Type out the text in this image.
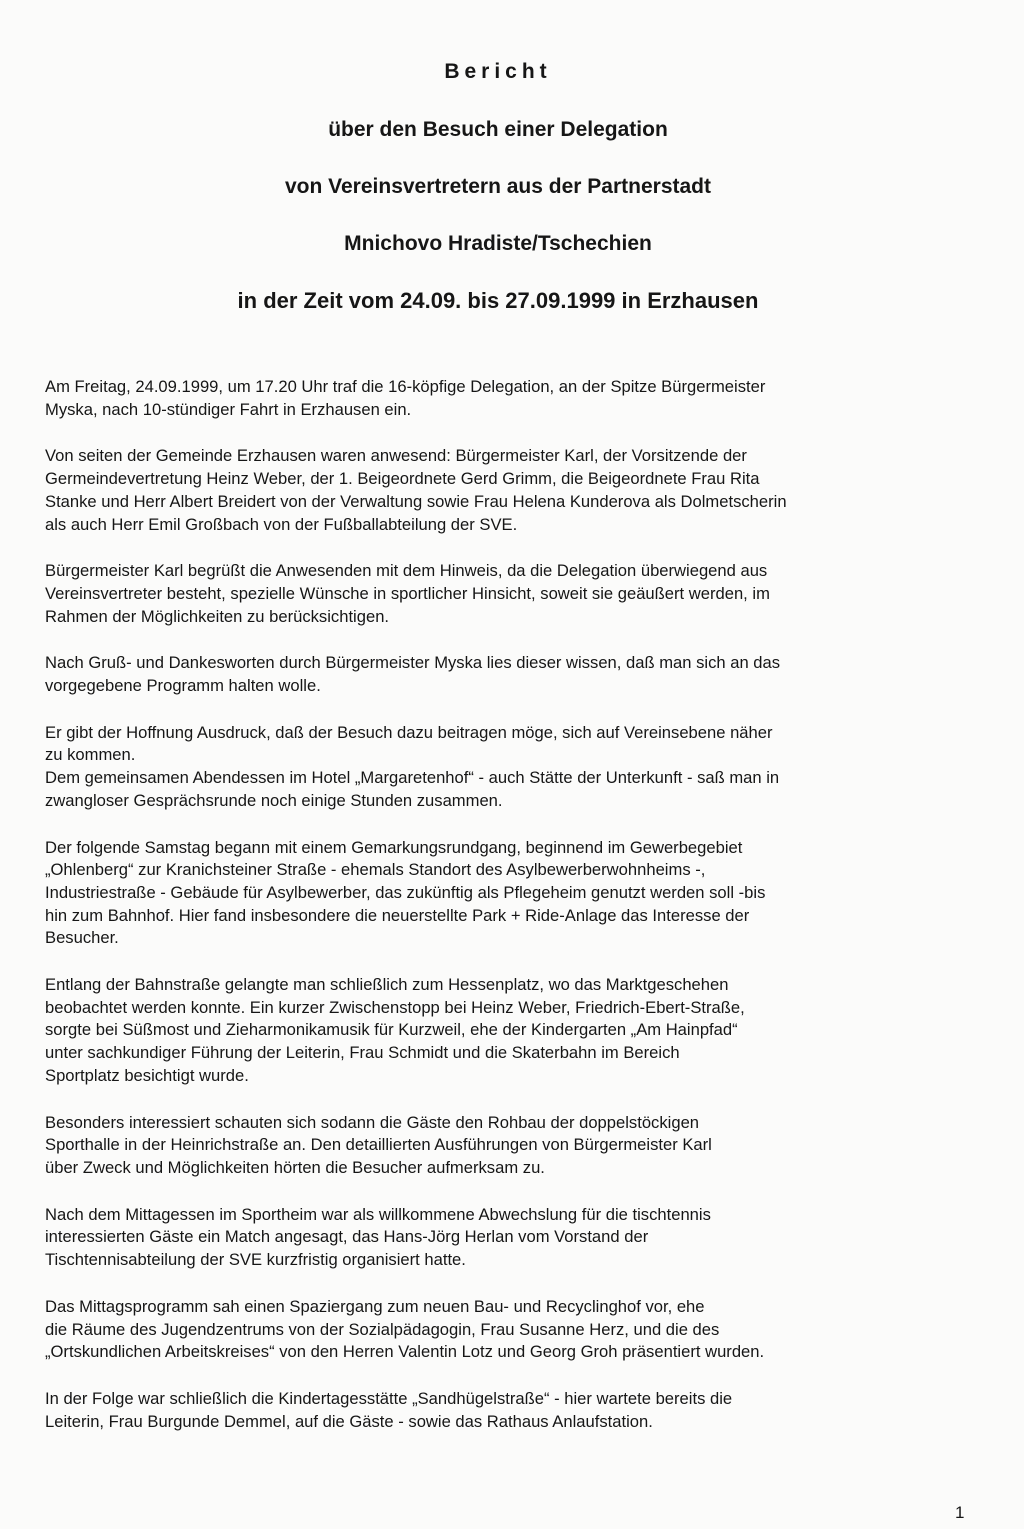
Bericht
über den Besuch einer Delegation
von Vereinsvertretern aus der Partnerstadt
Mnichovo Hradiste/Tschechien
in der Zeit vom 24.09. bis 27.09.1999 in Erzhausen

Am Freitag, 24.09.1999, um 17.20 Uhr traf die 16-köpfige Delegation, an der Spitze Bürgermeister
Myska, nach 10-stündiger Fahrt in Erzhausen ein.

Von seiten der Gemeinde Erzhausen waren anwesend: Bürgermeister Karl, der Vorsitzende der
Germeindevertretung Heinz Weber, der 1. Beigeordnete Gerd Grimm, die Beigeordnete Frau Rita
Stanke und Herr Albert Breidert von der Verwaltung sowie Frau Helena Kunderova als Dolmetscherin
als auch Herr Emil Großbach von der Fußballabteilung der SVE.

Bürgermeister Karl begrüßt die Anwesenden mit dem Hinweis, da die Delegation überwiegend aus
Vereinsvertreter besteht, spezielle Wünsche in sportlicher Hinsicht, soweit sie geäußert werden, im
Rahmen der Möglichkeiten zu berücksichtigen.

Nach Gruß- und Dankesworten durch Bürgermeister Myska lies dieser wissen, daß man sich an das
vorgegebene Programm halten wolle.

Er gibt der Hoffnung Ausdruck, daß der Besuch dazu beitragen möge, sich auf Vereinsebene näher
zu kommen.

Dem gemeinsamen Abendessen im Hotel „Margaretenhof“ - auch Stätte der Unterkunft - saß man in
zwangloser Gesprächsrunde noch einige Stunden zusammen.

Der folgende Samstag begann mit einem Gemarkungsrundgang, beginnend im Gewerbegebiet
„Ohlenberg“ zur Kranichsteiner Straße - ehemals Standort des Asylbewerberwohnheims -,
Industriestraße - Gebäude für Asylbewerber, das zukünftig als Pflegeheim genutzt werden soll -bis
hin zum Bahnhof. Hier fand insbesondere die neuerstellte Park + Ride-Anlage das Interesse der
Besucher.

Entlang der Bahnstraße gelangte man schließlich zum Hessenplatz, wo das Marktgeschehen
beobachtet werden konnte. Ein kurzer Zwischenstopp bei Heinz Weber, Friedrich-Ebert-Straße,
sorgte bei Süßmost und Zieharmonikamusik für Kurzweil, ehe der Kindergarten „Am Hainpfad“
unter sachkundiger Führung der Leiterin, Frau Schmidt und die Skaterbahn im Bereich
Sportplatz besichtigt wurde.

Besonders interessiert schauten sich sodann die Gäste den Rohbau der doppelstöckigen
Sporthalle in der Heinrichstraße an. Den detaillierten Ausführungen von Bürgermeister Karl
über Zweck und Möglichkeiten hörten die Besucher aufmerksam zu.

Nach dem Mittagessen im Sportheim war als willkommene Abwechslung für die tischtennis
interessierten Gäste ein Match angesagt, das Hans-Jörg Herlan vom Vorstand der
Tischtennisabteilung der SVE kurzfristig organisiert hatte.

Das Mittagsprogramm sah einen Spaziergang zum neuen Bau- und Recyclinghof vor, ehe
die Räume des Jugendzentrums von der Sozialpädagogin, Frau Susanne Herz, und die des
„Ortskundlichen Arbeitskreises“ von den Herren Valentin Lotz und Georg Groh präsentiert wurden.

In der Folge war schließlich die Kindertagesstätte „Sandhügelstraße“ - hier wartete bereits die
Leiterin, Frau Burgunde Demmel, auf die Gäste - sowie das Rathaus Anlaufstation.

1
